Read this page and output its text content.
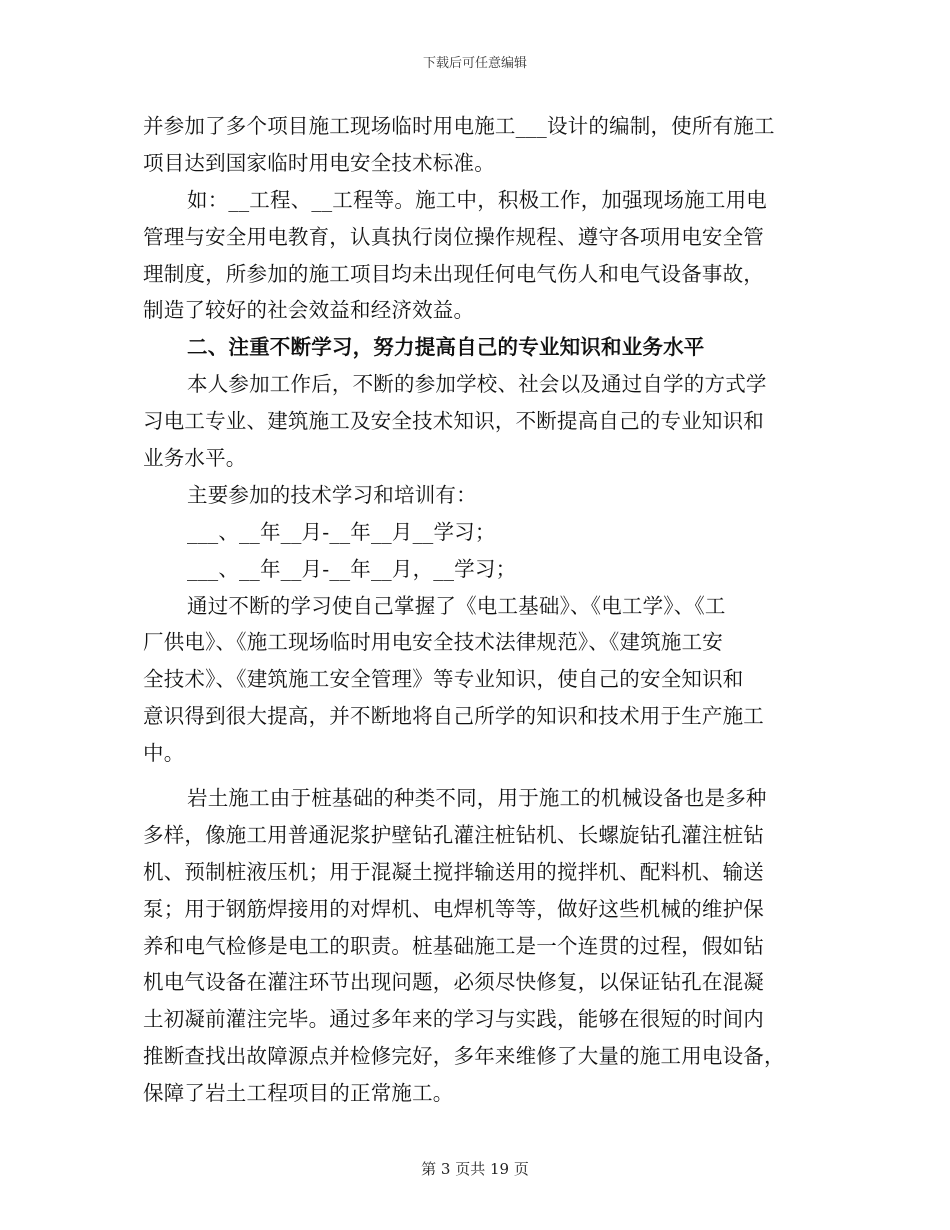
下载后可任意编辑
并参加了多个项目施工现场临时用电施工___设计的编制，使所有施工
项目达到国家临时用电安全技术标准。
如：__工程、__工程等。施工中，积极工作，加强现场施工用电
管理与安全用电教育，认真执行岗位操作规程、遵守各项用电安全管
理制度，所参加的施工项目均未出现任何电气伤人和电气设备事故，
制造了较好的社会效益和经济效益。
二、注重不断学习，努力提高自己的专业知识和业务水平
本人参加工作后，不断的参加学校、社会以及通过自学的方式学
习电工专业、建筑施工及安全技术知识，不断提高自己的专业知识和
业务水平。
主要参加的技术学习和培训有：
___、__年__月-__年__月__学习；
___、__年__月-__年__月，__学习；
通过不断的学习使自己掌握了《电工基础》、《电工学》、《工
厂供电》、《施工现场临时用电安全技术法律规范》、《建筑施工安
全技术》、《建筑施工安全管理》等专业知识，使自己的安全知识和
意识得到很大提高，并不断地将自己所学的知识和技术用于生产施工
中。
岩土施工由于桩基础的种类不同，用于施工的机械设备也是多种
多样，像施工用普通泥浆护壁钻孔灌注桩钻机、长螺旋钻孔灌注桩钻
机、预制桩液压机；用于混凝土搅拌输送用的搅拌机、配料机、输送
泵；用于钢筋焊接用的对焊机、电焊机等等，做好这些机械的维护保
养和电气检修是电工的职责。桩基础施工是一个连贯的过程，假如钻
机电气设备在灌注环节出现问题，必须尽快修复，以保证钻孔在混凝
土初凝前灌注完毕。通过多年来的学习与实践，能够在很短的时间内
推断查找出故障源点并检修完好，多年来维修了大量的施工用电设备，
保障了岩土工程项目的正常施工。
第 3 页共 19 页
